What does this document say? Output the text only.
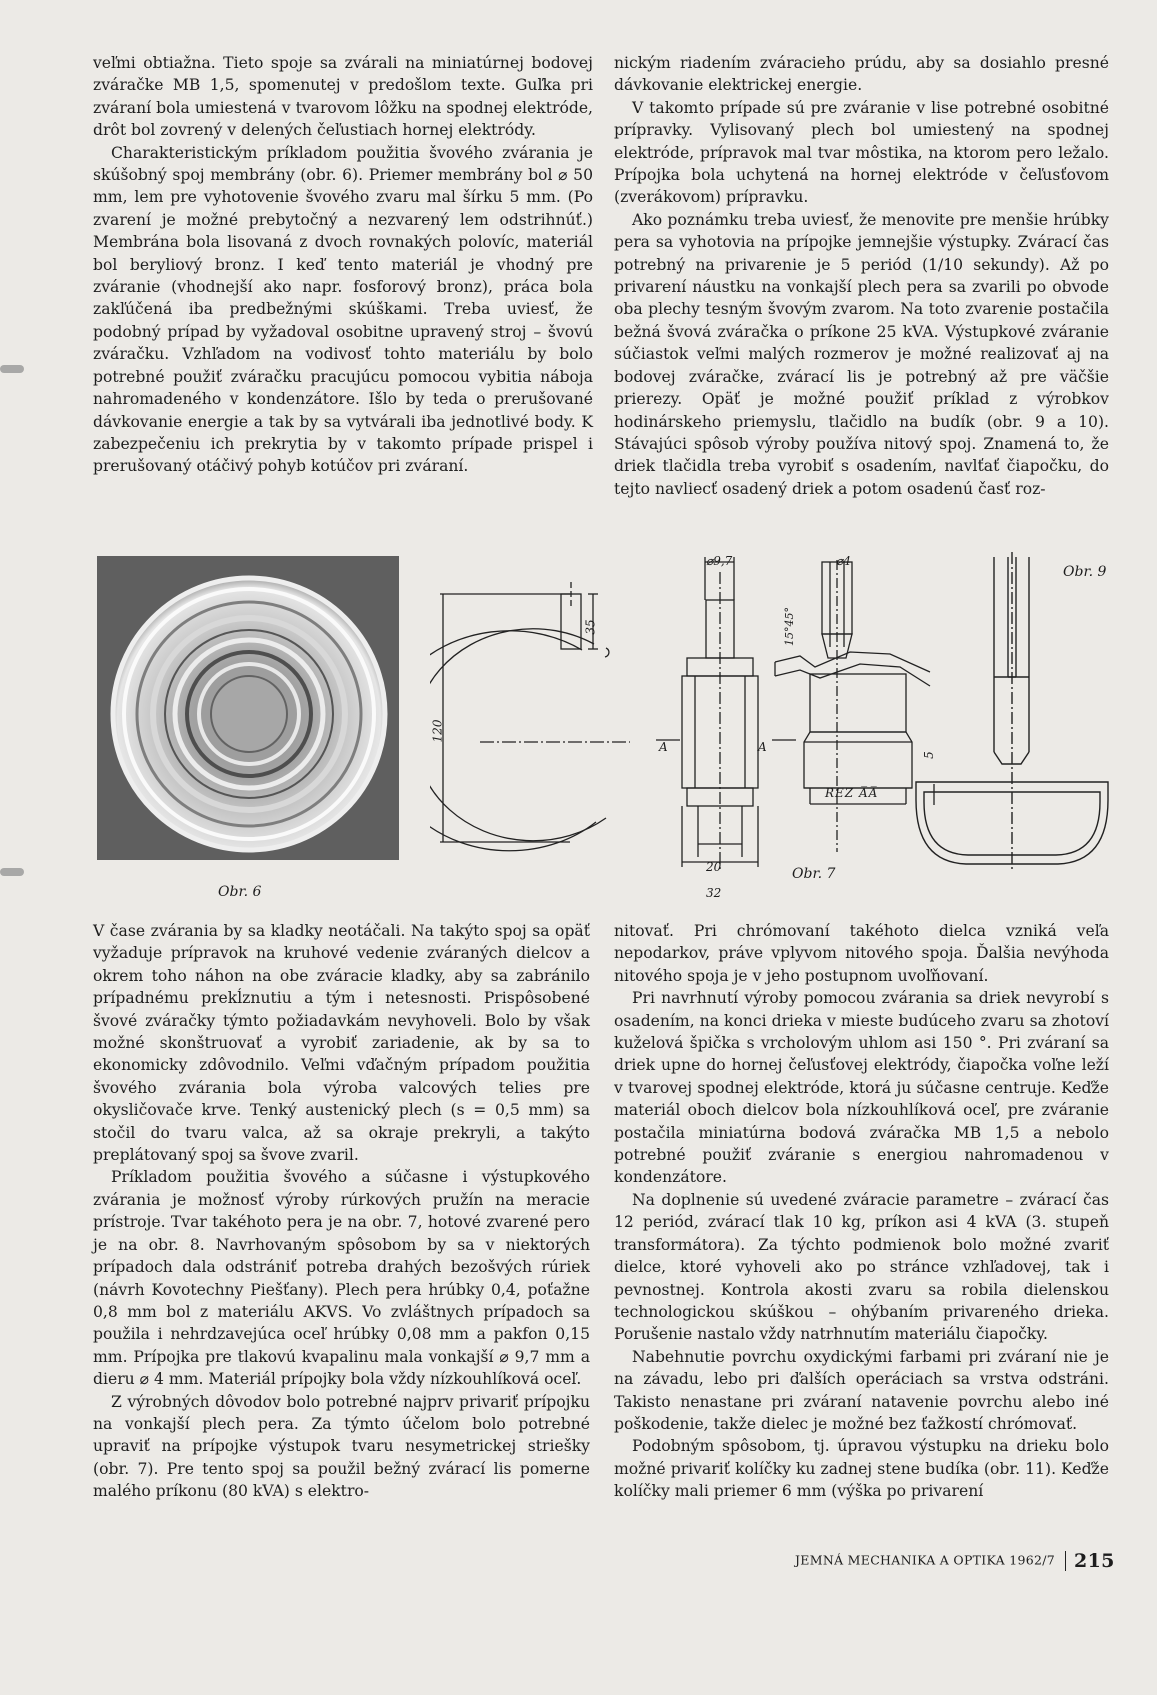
veľmi obtiažna. Tieto spoje sa zvárali na miniatúrnej bodovej zváračke MB 1,5, spomenutej v predošlom texte. Guľka pri zváraní bola umiestená v tvarovom lôžku na spodnej elektróde, drôt bol zovrený v delených čeľustiach hornej elektródy.

Charakteristickým príkladom použitia švového zvárania je skúšobný spoj membrány (obr. 6). Priemer membrány bol ⌀ 50 mm, lem pre vyhotovenie švového zvaru mal šírku 5 mm. (Po zvarení je možné prebytočný a nezvarený lem odstrihnúť.) Membrána bola lisovaná z dvoch rovnakých polovíc, materiál bol beryliový bronz. I keď tento materiál je vhodný pre zváranie (vhodnejší ako napr. fosforový bronz), práca bola zakľúčená iba predbežnými skúškami. Treba uviesť, že podobný prípad by vyžadoval osobitne upravený stroj – švovú zváračku. Vzhľadom na vodivosť tohto materiálu by bolo potrebné použiť zváračku pracujúcu pomocou vybitia náboja nahromadeného v kondenzátore. Išlo by teda o prerušované dávkovanie energie a tak by sa vytvárali iba jednotlivé body. K zabezpečeniu ich prekrytia by v takomto prípade prispel i prerušovaný otáčivý pohyb kotúčov pri zváraní.

nickým riadením zváracieho prúdu, aby sa dosiahlo presné dávkovanie elektrickej energie.

V takomto prípade sú pre zváranie v lise potrebné osobitné prípravky. Vylisovaný plech bol umiestený na spodnej elektróde, prípravok mal tvar môstika, na ktorom pero ležalo. Prípojka bola uchytená na hornej elektróde v čeľusťovom (zverákovom) prípravku.

Ako poznámku treba uviesť, že menovite pre menšie hrúbky pera sa vyhotovia na prípojke jemnejšie výstupky. Zvárací čas potrebný na privarenie je 5 periód (1/10 sekundy). Až po privarení náustku na vonkajší plech pera sa zvarili po obvode oba plechy tesným švovým zvarom. Na toto zvarenie postačila bežná švová zváračka o príkone 25 kVA. Výstupkové zváranie súčiastok veľmi malých rozmerov je možné realizovať aj na bodovej zváračke, zvárací lis je potrebný až pre väčšie prierezy. Opäť je možné použiť príklad z výrobkov hodinárskeho priemyslu, tlačidlo na budík (obr. 9 a 10). Stávajúci spôsob výroby používa nitový spoj. Znamená to, že driek tlačidla treba vyrobiť s osadením, navlťať čiapočku, do tejto navliecť osadený driek a potom osadenú časť roz-

Obr. 6
35
120
⌀9,7	⌀4
15°45°
A	A
5
REZ A̅A̅
20
32
Obr. 7
Obr. 9

V čase zvárania by sa kladky neotáčali. Na takýto spoj sa opäť vyžaduje prípravok na kruhové vedenie zváraných dielcov a okrem toho náhon na obe zváracie kladky, aby sa zabránilo prípadnému prekĺznutiu a tým i netesnosti. Prispôsobené švové zváračky týmto požiadavkám nevyhoveli. Bolo by však možné skonštruovať a vyrobiť zariadenie, ak by sa to ekonomicky zdôvodnilo. Veľmi vďačným prípadom použitia švového zvárania bola výroba valcových telies pre okysličovače krve. Tenký austenický plech (s = 0,5 mm) sa stočil do tvaru valca, až sa okraje prekryli, a takýto preplátovaný spoj sa švove zvaril.

Príkladom použitia švového a súčasne i výstupkového zvárania je možnosť výroby rúrkových pružín na meracie prístroje. Tvar takéhoto pera je na obr. 7, hotové zvarené pero je na obr. 8. Navrhovaným spôsobom by sa v niektorých prípadoch dala odstrániť potreba drahých bezošvých rúriek (návrh Kovotechny Piešťany). Plech pera hrúbky 0,4, poťažne 0,8 mm bol z materiálu AKVS. Vo zvláštnych prípadoch sa použila i nehrdzavejúca oceľ hrúbky 0,08 mm a pakfon 0,15 mm. Prípojka pre tlakovú kvapalinu mala vonkajší ⌀ 9,7 mm a dieru ⌀ 4 mm. Materiál prípojky bola vždy nízkouhlíková oceľ.

Z výrobných dôvodov bolo potrebné najprv privariť prípojku na vonkajší plech pera. Za týmto účelom bolo potrebné upraviť na prípojke výstupok tvaru nesymetrickej striešky (obr. 7). Pre tento spoj sa použil bežný zvárací lis pomerne malého príkonu (80 kVA) s elektro-

nitovať. Pri chrómovaní takéhoto dielca vzniká veľa nepodarkov, práve vplyvom nitového spoja. Ďalšia nevýhoda nitového spoja je v jeho postupnom uvoľňovaní.

Pri navrhnutí výroby pomocou zvárania sa driek nevyrobí s osadením, na konci drieka v mieste budúceho zvaru sa zhotoví kuželová špička s vrcholovým uhlom asi 150 °. Pri zváraní sa driek upne do hornej čeľusťovej elektródy, čiapočka voľne leží v tvarovej spodnej elektróde, ktorá ju súčasne centruje. Keďže materiál oboch dielcov bola nízkouhlíková oceľ, pre zváranie postačila miniatúrna bodová zváračka MB 1,5 a nebolo potrebné použiť zváranie s energiou nahromadenou v kondenzátore.

Na doplnenie sú uvedené zváracie parametre – zvárací čas 12 periód, zvárací tlak 10 kg, príkon asi 4 kVA (3. stupeň transformátora). Za týchto podmienok bolo možné zvariť dielce, ktoré vyhoveli ako po stránce vzhľadovej, tak i pevnostnej. Kontrola akosti zvaru sa robila dielenskou technologickou skúškou – ohýbaním privareného drieka. Porušenie nastalo vždy natrhnutím materiálu čiapočky.

Nabehnutie povrchu oxydickými farbami pri zváraní nie je na závadu, lebo pri ďalších operáciach sa vrstva odstráni. Takisto nenastane pri zváraní natavenie povrchu alebo iné poškodenie, takže dielec je možné bez ťažkostí chrómovať.

Podobným spôsobom, tj. úpravou výstupku na drieku bolo možné privariť kolíčky ku zadnej stene budíka (obr. 11). Keďže kolíčky mali priemer 6 mm (výška po privarení

JEMNÁ MECHANIKA A OPTIKA 1962/7 215
